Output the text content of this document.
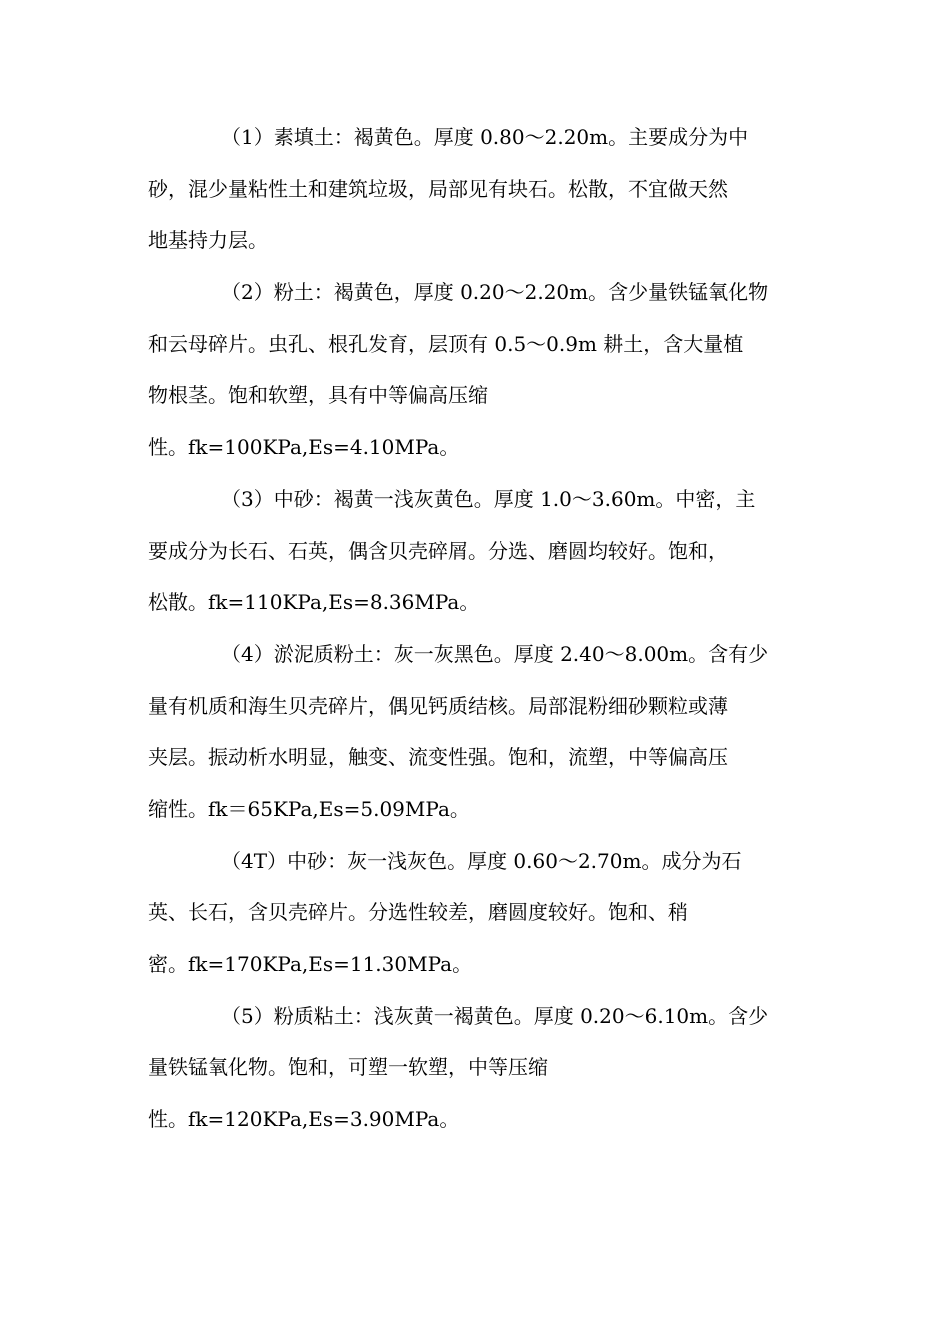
（1）素填土：褐黄色。厚度 0.80～2.20m。主要成分为中
砂，混少量粘性土和建筑垃圾，局部见有块石。松散，不宜做天然
地基持力层。
（2）粉土：褐黄色，厚度 0.20～2.20m。含少量铁锰氧化物
和云母碎片。虫孔、根孔发育，层顶有 0.5～0.9m 耕土，含大量植
物根茎。饱和软塑，具有中等偏高压缩
性。fk=100KPa,Es=4.10MPa。
（3）中砂：褐黄一浅灰黄色。厚度 1.0～3.60m。中密，主
要成分为长石、石英，偶含贝壳碎屑。分选、磨圆均较好。饱和，
松散。fk=110KPa,Es=8.36MPa。
（4）淤泥质粉土：灰一灰黑色。厚度 2.40～8.00m。含有少
量有机质和海生贝壳碎片，偶见钙质结核。局部混粉细砂颗粒或薄
夹层。振动析水明显，触变、流变性强。饱和，流塑，中等偏高压
缩性。fk＝65KPa,Es=5.09MPa。
（4T）中砂：灰一浅灰色。厚度 0.60～2.70m。成分为石
英、长石，含贝壳碎片。分选性较差，磨圆度较好。饱和、稍
密。fk=170KPa,Es=11.30MPa。
（5）粉质粘土：浅灰黄一褐黄色。厚度 0.20～6.10m。含少
量铁锰氧化物。饱和，可塑一软塑，中等压缩
性。fk=120KPa,Es=3.90MPa。
